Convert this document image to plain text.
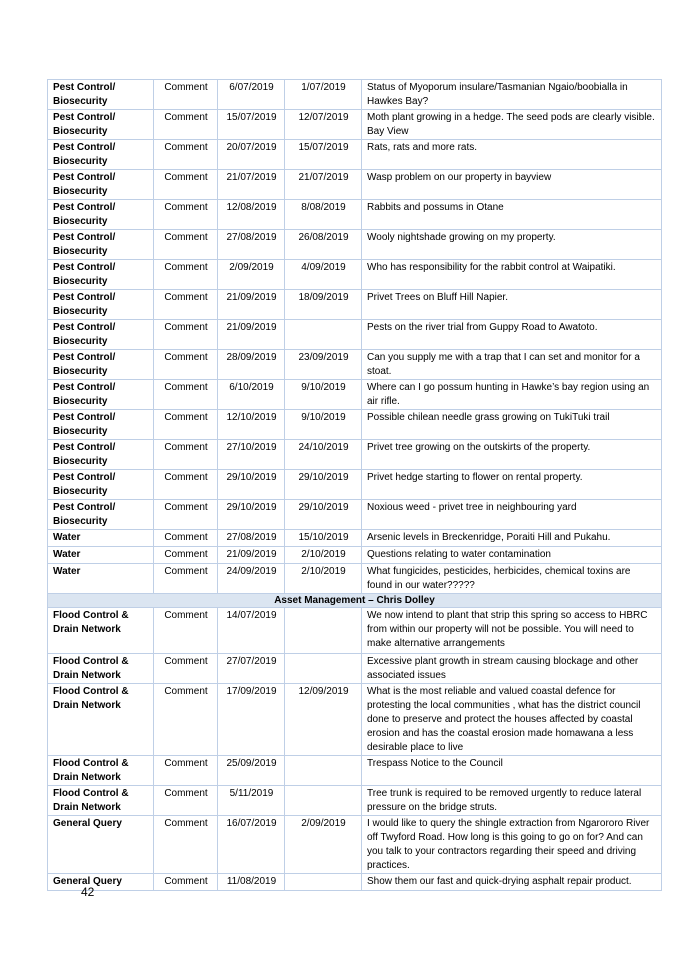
Pest Control/ Biosecurity	Comment	6/07/2019	1/07/2019	Status of Myoporum insulare/Tasmanian Ngaio/boobialla in Hawkes Bay?
Pest Control/ Biosecurity	Comment	15/07/2019	12/07/2019	Moth plant growing in a hedge. The seed pods are clearly visible. Bay View
Pest Control/ Biosecurity	Comment	20/07/2019	15/07/2019	Rats, rats and more rats.
Pest Control/ Biosecurity	Comment	21/07/2019	21/07/2019	Wasp problem on our property in bayview
Pest Control/ Biosecurity	Comment	12/08/2019	8/08/2019	Rabbits and possums in Otane
Pest Control/ Biosecurity	Comment	27/08/2019	26/08/2019	Wooly nightshade growing on my property.
Pest Control/ Biosecurity	Comment	2/09/2019	4/09/2019	Who has responsibility for the rabbit control at Waipatiki.
Pest Control/ Biosecurity	Comment	21/09/2019	18/09/2019	Privet Trees on Bluff Hill Napier.
Pest Control/ Biosecurity	Comment	21/09/2019		Pests on the river trial from Guppy Road to Awatoto.
Pest Control/ Biosecurity	Comment	28/09/2019	23/09/2019	Can you supply me with a trap that I can set and monitor for a stoat.
Pest Control/ Biosecurity	Comment	6/10/2019	9/10/2019	Where can I go possum hunting in Hawke’s bay region using an air rifle.
Pest Control/ Biosecurity	Comment	12/10/2019	9/10/2019	Possible chilean needle grass growing on TukiTuki trail
Pest Control/ Biosecurity	Comment	27/10/2019	24/10/2019	Privet tree growing on the outskirts of the property.
Pest Control/ Biosecurity	Comment	29/10/2019	29/10/2019	Privet hedge starting to flower on rental property.
Pest Control/ Biosecurity	Comment	29/10/2019	29/10/2019	Noxious weed - privet tree in neighbouring yard
Water	Comment	27/08/2019	15/10/2019	Arsenic levels in Breckenridge, Poraiti Hill and Pukahu.
Water	Comment	21/09/2019	2/10/2019	Questions relating to water contamination
Water	Comment	24/09/2019	2/10/2019	What fungicides, pesticides, herbicides, chemical toxins are found in our water?????
Asset Management – Chris Dolley				
Flood Control & Drain Network	Comment	14/07/2019		We now intend to plant that strip this spring so access to HBRC from within our property will not be possible. You will need to make alternative arrangements
Flood Control & Drain Network	Comment	27/07/2019		Excessive plant growth in stream causing blockage and other associated issues
Flood Control & Drain Network	Comment	17/09/2019	12/09/2019	What is the most reliable and valued coastal defence for protesting the local communities , what has the district council done to preserve and protect the houses affected by coastal erosion and has the coastal erosion made homawana a less desirable place to live
Flood Control & Drain Network	Comment	25/09/2019		Trespass Notice to the Council
Flood Control & Drain Network	Comment	5/11/2019		Tree trunk is required to be removed urgently to reduce lateral pressure on the bridge struts.
General Query	Comment	16/07/2019	2/09/2019	I would like to query the shingle extraction from Ngarororo River off Twyford Road. How long is this going to go on for? And can you talk to your contractors regarding their speed and driving practices.
General Query	Comment	11/08/2019		Show them our fast and quick-drying asphalt repair product.
42
